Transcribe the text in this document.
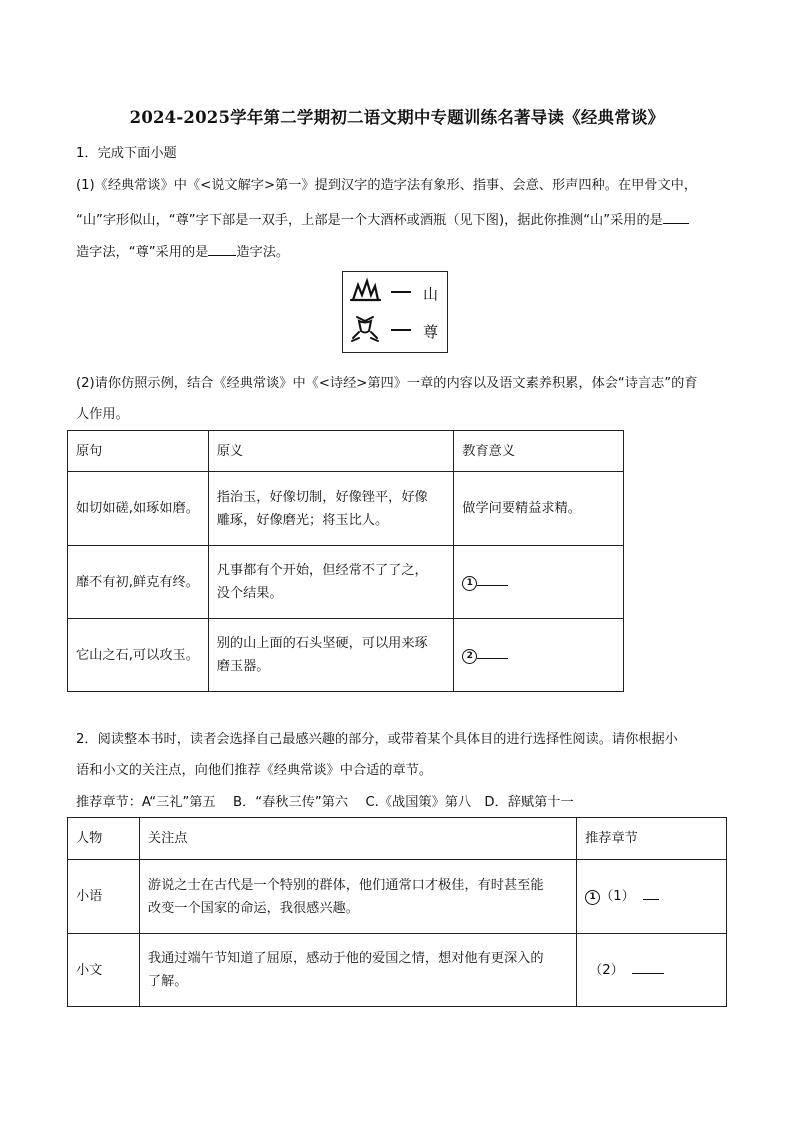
2024-2025学年第二学期初二语文期中专题训练名著导读《经典常谈》
1．完成下面小题
(1)《经典常谈》中《<说文解字>第一》提到汉字的造字法有象形、指事、会意、形声四种。在甲骨文中，
“山”字形似山，“尊”字下部是一双手，上部是一个大酒杯或酒瓶（见下图)，据此你推测“山”采用的是
造字法，“尊”采用的是 造字法。
山
尊
(2)请你仿照示例，结合《经典常谈》中《<诗经>第四》一章的内容以及语文素养积累，体会“诗言志”的育
人作用。
原句	原义	教育意义
如切如磋,如琢如磨。	指治玉，好像切制，好像锉平，好像
雕琢，好像磨光；将玉比人。	做学问要精益求精。
靡不有初,鲜克有终。	凡事都有个开始，但经常不了了之，
没个结果。	1
它山之石,可以攻玉。	别的山上面的石头坚硬，可以用来琢
磨玉器。	2
2．阅读整本书时，读者会选择自己最感兴趣的部分，或带着某个具体目的进行选择性阅读。请你根据小
语和小文的关注点，向他们推荐《经典常谈》中合适的章节。
推荐章节：A“三礼”第五 　B．“春秋三传”第六 　C.《战国策》第八　D．辞赋第十一
人物	关注点	推荐章节
小语	游说之士在古代是一个特别的群体，他们通常口才极佳，有时甚至能
改变一个国家的命运，我很感兴趣。	1 （1）
小文	我通过端午节知道了屈原，感动于他的爱国之情，想对他有更深入的
了解。	（2）
